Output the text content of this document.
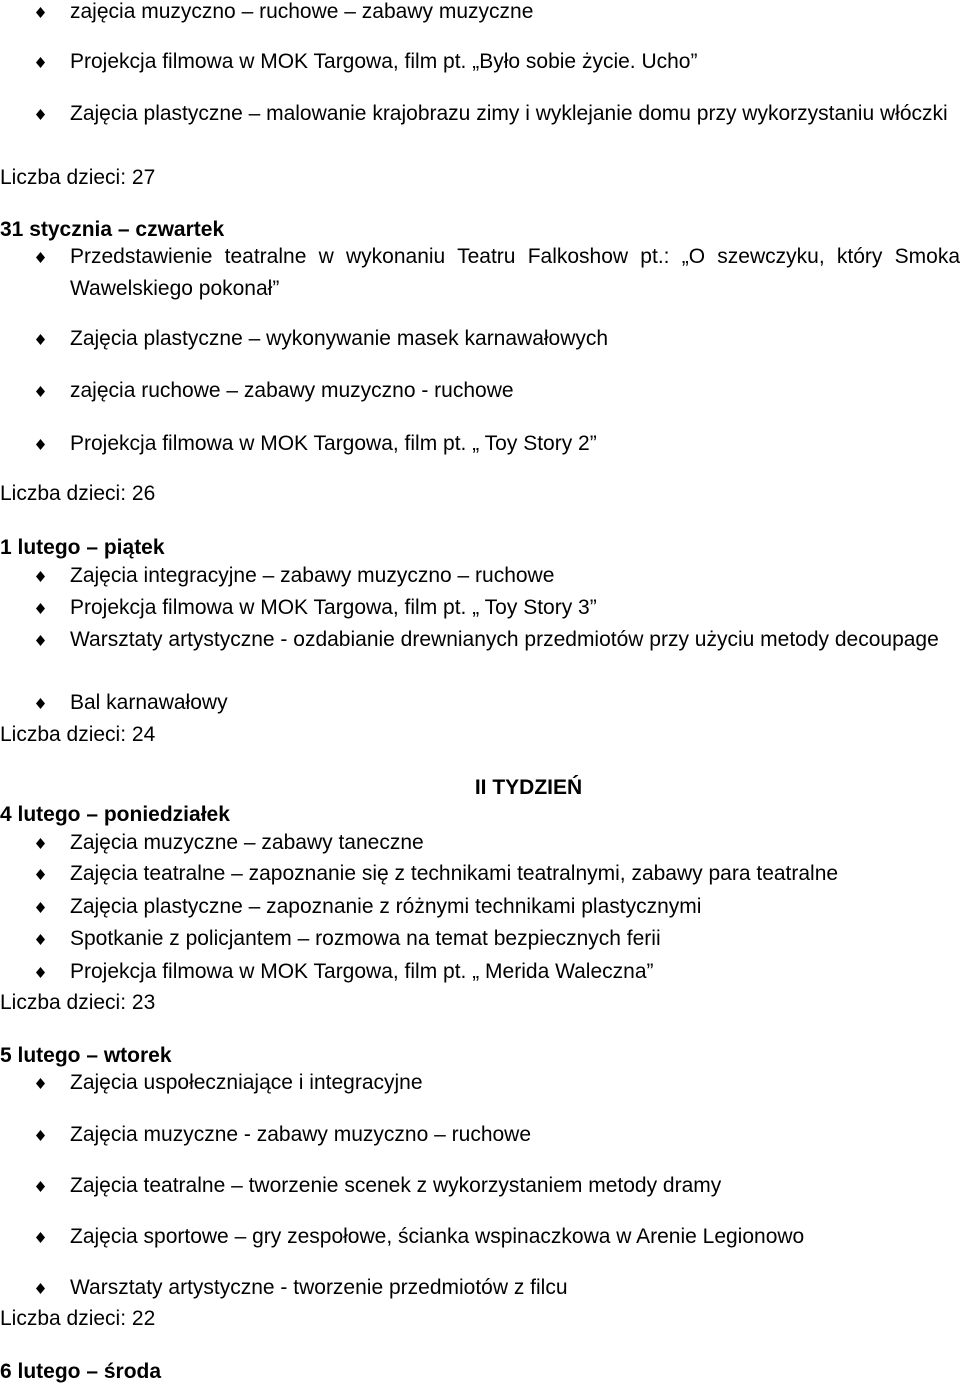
zajęcia muzyczno – ruchowe – zabawy muzyczne
Projekcja filmowa w MOK Targowa, film pt. „Było sobie życie. Ucho”
Zajęcia plastyczne – malowanie krajobrazu zimy i wyklejanie domu przy wykorzystaniu włóczki
Liczba dzieci: 27
31 stycznia – czwartek
Przedstawienie teatralne w wykonaniu Teatru Falkoshow pt.: „O szewczyku, który Smoka Wawelskiego pokonał”
Zajęcia plastyczne – wykonywanie masek karnawałowych
zajęcia ruchowe – zabawy muzyczno - ruchowe
Projekcja filmowa w MOK Targowa, film pt. „ Toy Story 2”
Liczba dzieci: 26
1 lutego – piątek
Zajęcia integracyjne – zabawy muzyczno – ruchowe
Projekcja filmowa w MOK Targowa, film pt. „ Toy Story 3”
Warsztaty artystyczne - ozdabianie drewnianych przedmiotów przy użyciu metody decoupage
Bal karnawałowy
Liczba dzieci: 24
II TYDZIEŃ
4 lutego – poniedziałek
Zajęcia muzyczne – zabawy taneczne
Zajęcia teatralne – zapoznanie się z technikami teatralnymi, zabawy para teatralne
Zajęcia plastyczne – zapoznanie z różnymi technikami plastycznymi
Spotkanie z policjantem – rozmowa na temat bezpiecznych ferii
Projekcja filmowa w MOK Targowa, film pt. „ Merida Waleczna”
Liczba dzieci: 23
5 lutego – wtorek
Zajęcia uspołeczniające i integracyjne
Zajęcia muzyczne - zabawy muzyczno – ruchowe
Zajęcia teatralne – tworzenie scenek z wykorzystaniem metody dramy
Zajęcia sportowe – gry zespołowe, ścianka wspinaczkowa w Arenie Legionowo
Warsztaty artystyczne - tworzenie przedmiotów z filcu
Liczba dzieci: 22
6 lutego – środa
